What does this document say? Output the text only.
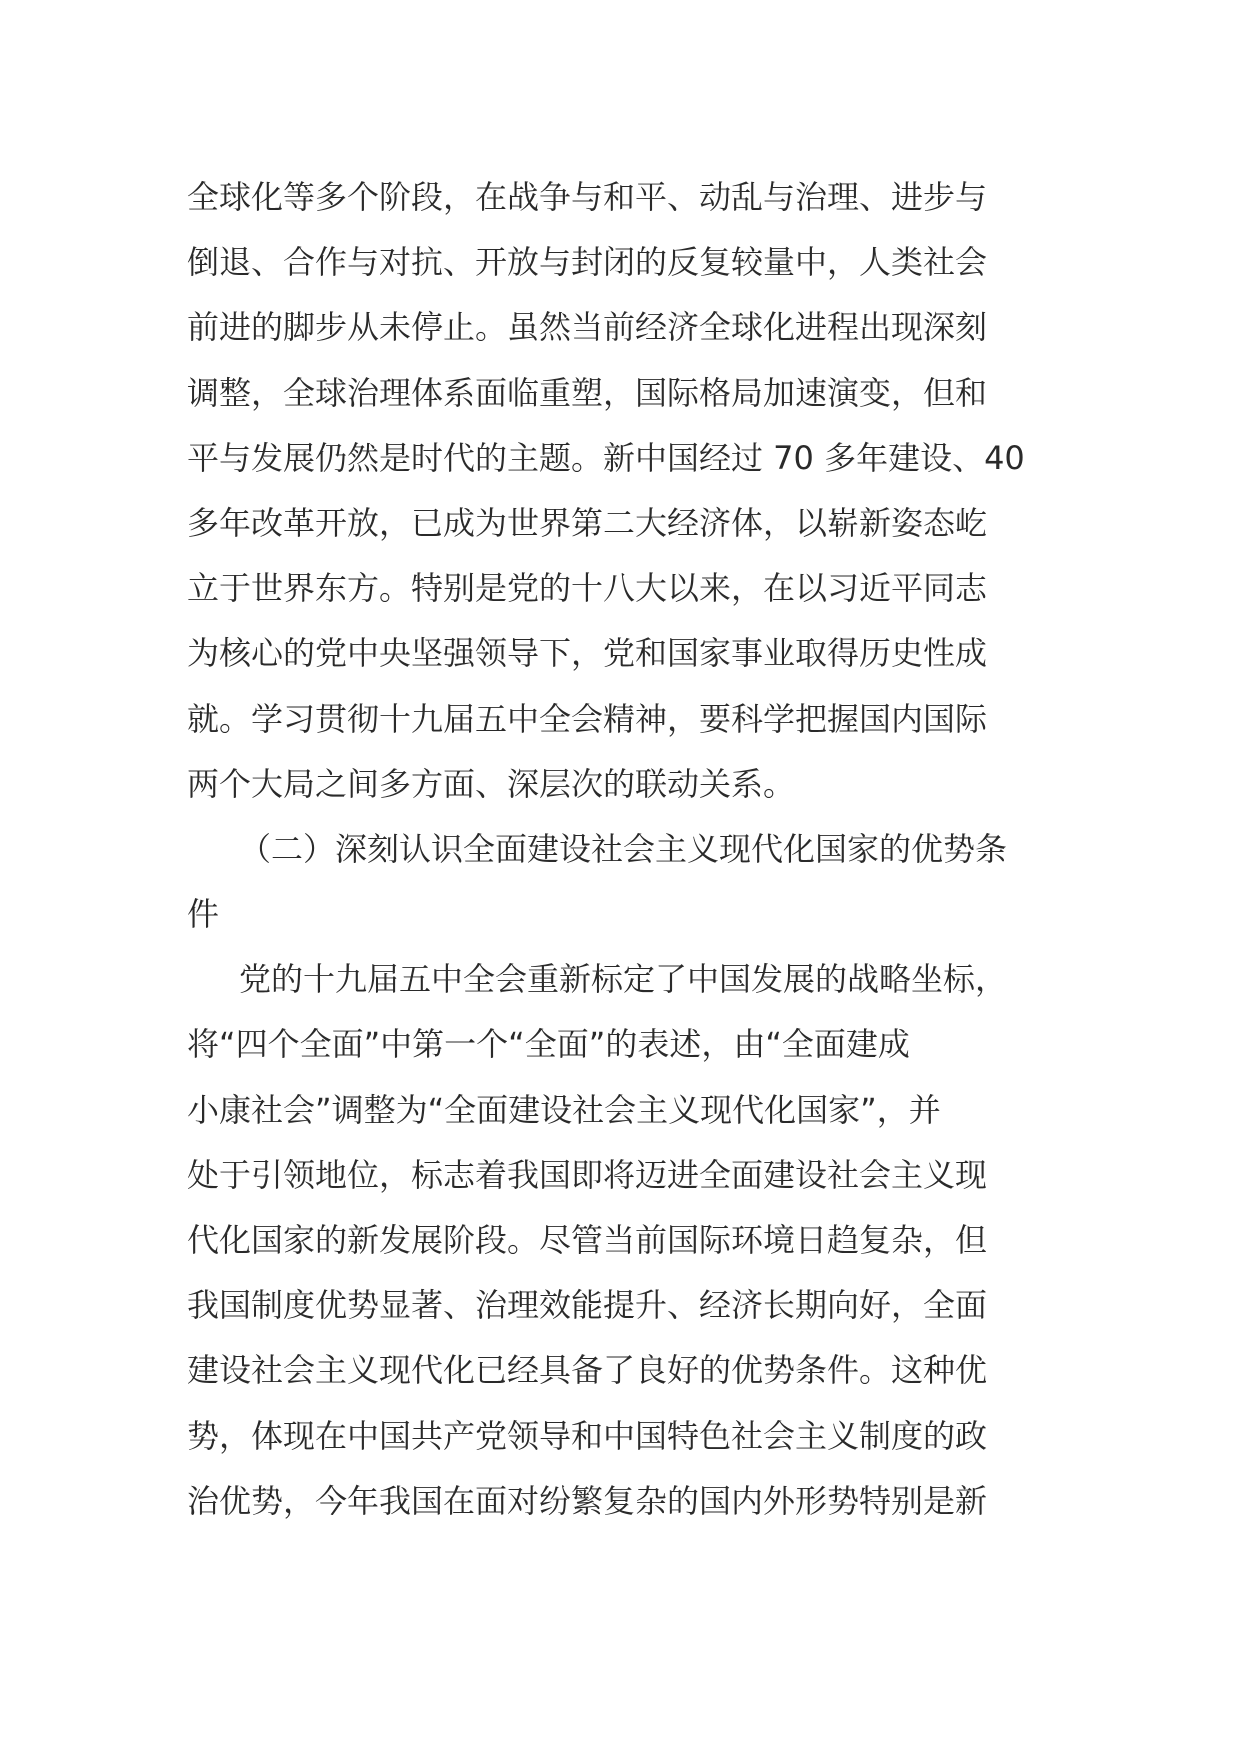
全球化等多个阶段，在战争与和平、动乱与治理、进步与
倒退、合作与对抗、开放与封闭的反复较量中，人类社会
前进的脚步从未停止。虽然当前经济全球化进程出现深刻
调整，全球治理体系面临重塑，国际格局加速演变，但和
平与发展仍然是时代的主题。新中国经过 70 多年建设、40
多年改革开放，已成为世界第二大经济体，以崭新姿态屹
立于世界东方。特别是党的十八大以来，在以习近平同志
为核心的党中央坚强领导下，党和国家事业取得历史性成
就。学习贯彻十九届五中全会精神，要科学把握国内国际
两个大局之间多方面、深层次的联动关系。
（二）深刻认识全面建设社会主义现代化国家的优势条
件
党的十九届五中全会重新标定了中国发展的战略坐标，
将“四个全面”中第一个“全面”的表述，由“全面建成
小康社会”调整为“全面建设社会主义现代化国家”，并
处于引领地位，标志着我国即将迈进全面建设社会主义现
代化国家的新发展阶段。尽管当前国际环境日趋复杂，但
我国制度优势显著、治理效能提升、经济长期向好，全面
建设社会主义现代化已经具备了良好的优势条件。这种优
势，体现在中国共产党领导和中国特色社会主义制度的政
治优势，今年我国在面对纷繁复杂的国内外形势特别是新
